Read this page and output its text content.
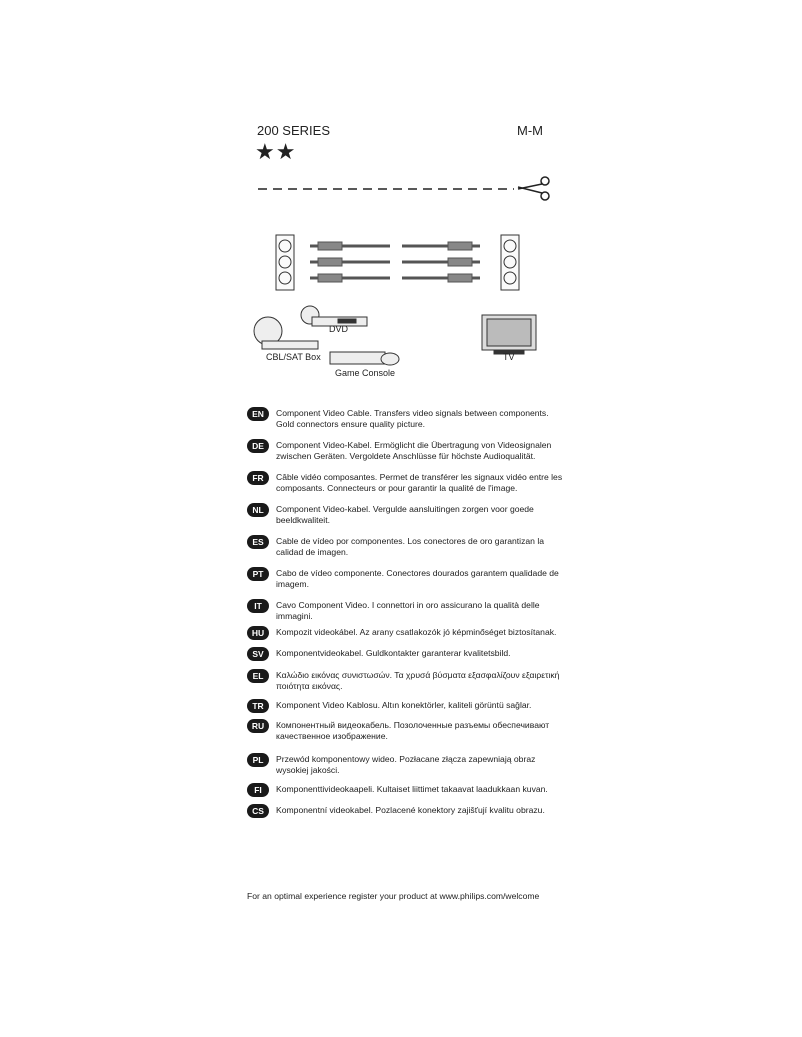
200 SERIES	M-M
★★
DVD
CBL/SAT Box
Game Console
TV
EN	Component Video Cable. Transfers video signals between components. Gold connectors ensure quality picture.
DE	Component Video-Kabel. Ermöglicht die Übertragung von Videosignalen zwischen Geräten. Vergoldete Anschlüsse für höchste Audioqualität.
FR	Câble vidéo composantes. Permet de transférer les signaux vidéo entre les composants. Connecteurs or pour garantir la qualité de l'image.
NL	Component Video-kabel. Vergulde aansluitingen zorgen voor goede beeldkwaliteit.
ES	Cable de vídeo por componentes. Los conectores de oro garantizan la calidad de imagen.
PT	Cabo de vídeo componente. Conectores dourados garantem qualidade de imagem.
IT	Cavo Component Video. I connettori in oro assicurano la qualità delle immagini.
HU	Kompozit videokábel. Az arany csatlakozók jó képminőséget biztosítanak.
SV	Komponentvideokabel. Guldkontakter garanterar kvalitetsbild.
EL	Καλώδιο εικόνας συνιστωσών. Τα χρυσά βύσματα εξασφαλίζουν εξαιρετική ποιότητα εικόνας.
TR	Komponent Video Kablosu. Altın konektörler, kaliteli görüntü sağlar.
RU	Компонентный видеокабель. Позолоченные разъемы обеспечивают качественное изображение.
PL	Przewód komponentowy wideo. Pozłacane złącza zapewniają obraz wysokiej jakości.
FI	Komponenttivideokaapeli. Kultaiset liittimet takaavat laadukkaan kuvan.
CS	Komponentní videokabel. Pozlacené konektory zajišťují kvalitu obrazu.
For an optimal experience register your product at www.philips.com/welcome
